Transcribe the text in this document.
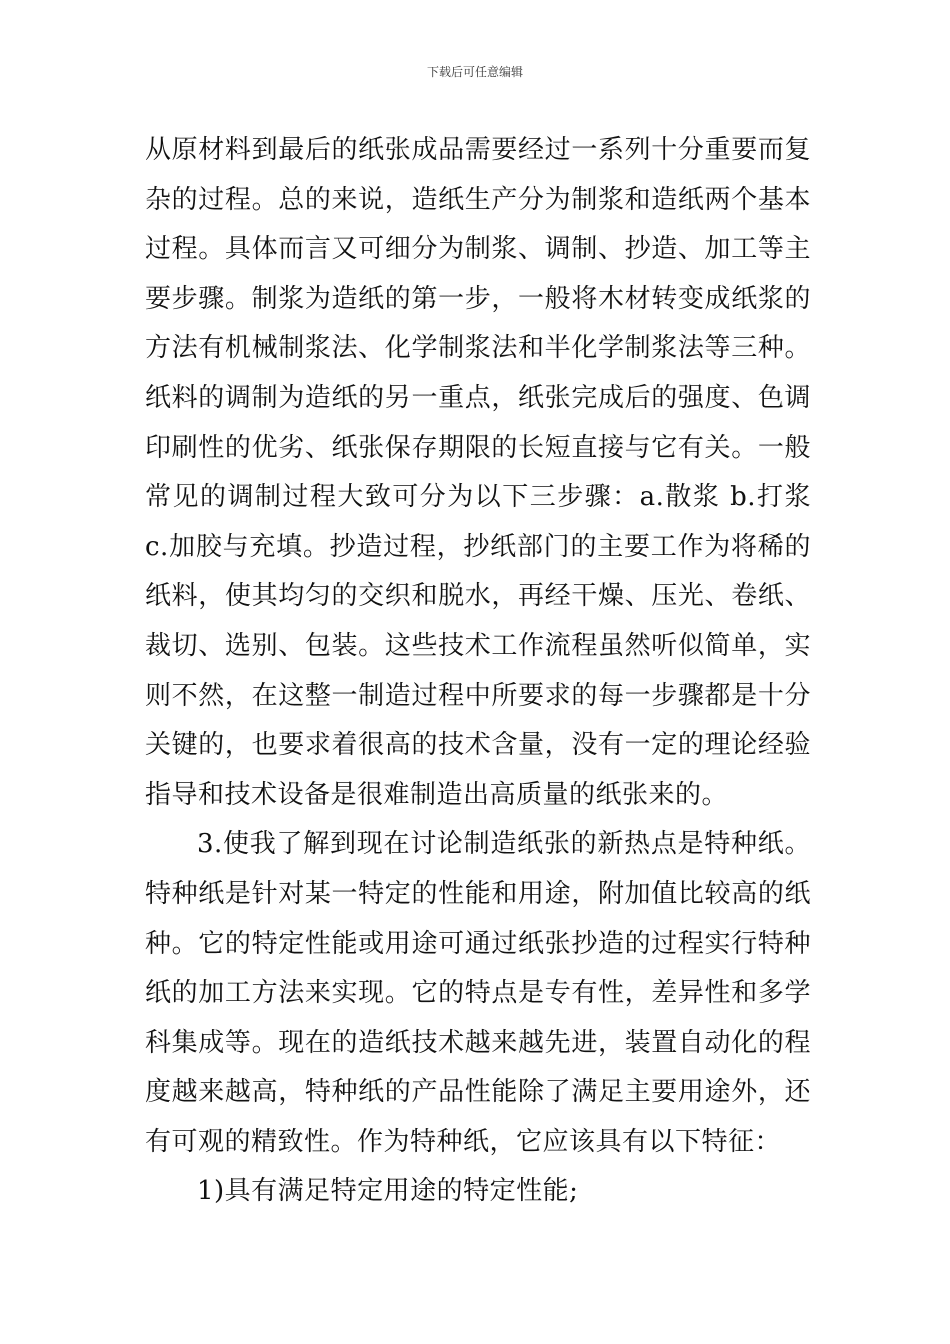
下载后可任意编辑

从原材料到最后的纸张成品需要经过一系列十分重要而复杂的过程。总的来说，造纸生产分为制浆和造纸两个基本过程。具体而言又可细分为制浆、调制、抄造、加工等主要步骤。制浆为造纸的第一步，一般将木材转变成纸浆的方法有机械制浆法、化学制浆法和半化学制浆法等三种。纸料的调制为造纸的另一重点，纸张完成后的强度、色调印刷性的优劣、纸张保存期限的长短直接与它有关。一般常见的调制过程大致可分为以下三步骤：a.散浆 b.打浆 c.加胶与充填。抄造过程，抄纸部门的主要工作为将稀的纸料，使其均匀的交织和脱水，再经干燥、压光、卷纸、裁切、选别、包装。这些技术工作流程虽然听似简单，实则不然，在这整一制造过程中所要求的每一步骤都是十分关键的，也要求着很高的技术含量，没有一定的理论经验指导和技术设备是很难制造出高质量的纸张来的。

3.使我了解到现在讨论制造纸张的新热点是特种纸。特种纸是针对某一特定的性能和用途，附加值比较高的纸种。它的特定性能或用途可通过纸张抄造的过程实行特种纸的加工方法来实现。它的特点是专有性，差异性和多学科集成等。现在的造纸技术越来越先进，装置自动化的程度越来越高，特种纸的产品性能除了满足主要用途外，还有可观的精致性。作为特种纸，它应该具有以下特征：

1)具有满足特定用途的特定性能;
